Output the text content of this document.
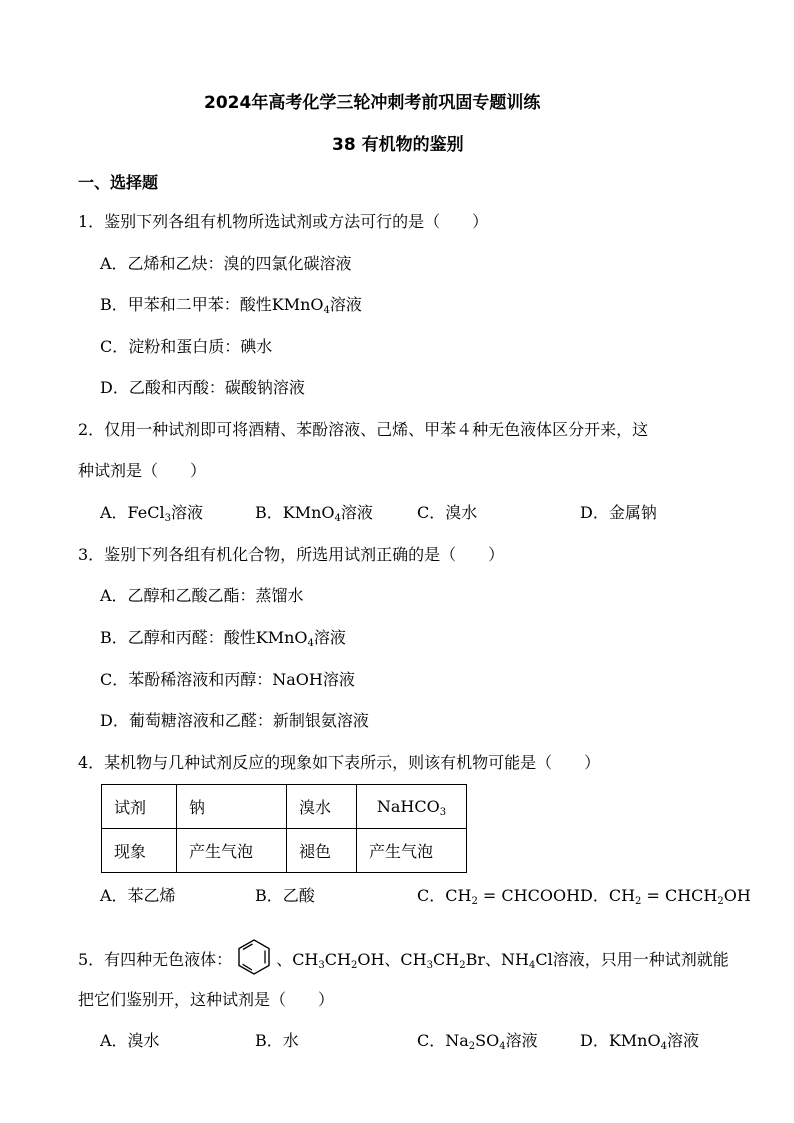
2024年高考化学三轮冲刺考前巩固专题训练
38 有机物的鉴别
一、选择题
1．鉴别下列各组有机物所选试剂或方法可行的是（　　）
A．乙烯和乙炔：溴的四氯化碳溶液
B．甲苯和二甲苯：酸性KMnO$_4$溶液
C．淀粉和蛋白质：碘水
D．乙酸和丙酸：碳酸钠溶液
2．仅用一种试剂即可将酒精、苯酚溶液、己烯、甲苯４种无色液体区分开来，这
种试剂是（　　）
A．FeCl$_3$溶液	B．KMnO$_4$溶液	C．溴水	D．金属钠
3．鉴别下列各组有机化合物，所选用试剂正确的是（　　）
A．乙醇和乙酸乙酯：蒸馏水
B．乙醇和丙醛：酸性KMnO$_4$溶液
C．苯酚稀溶液和丙醇：NaOH溶液
D．葡萄糖溶液和乙醛：新制银氨溶液
4．某机物与几种试剂反应的现象如下表所示，则该有机物可能是（　　）
试剂	钠	溴水	NaHCO$_3$
现象	产生气泡	褪色	产生气泡
A．苯乙烯	B．乙酸	C．$CH_2$ = CHCOOH D．$CH_2$ = $CHCH_2OH$
5．有四种无色液体：	、$CH_3CH_2OH$、$CH_3CH_2Br$、$NH_4Cl$溶液，只用一种试剂就能
把它们鉴别开，这种试剂是（　　）
A．溴水	B．水	C．$Na_2SO_4$溶液	D．KMnO$_4$溶液
